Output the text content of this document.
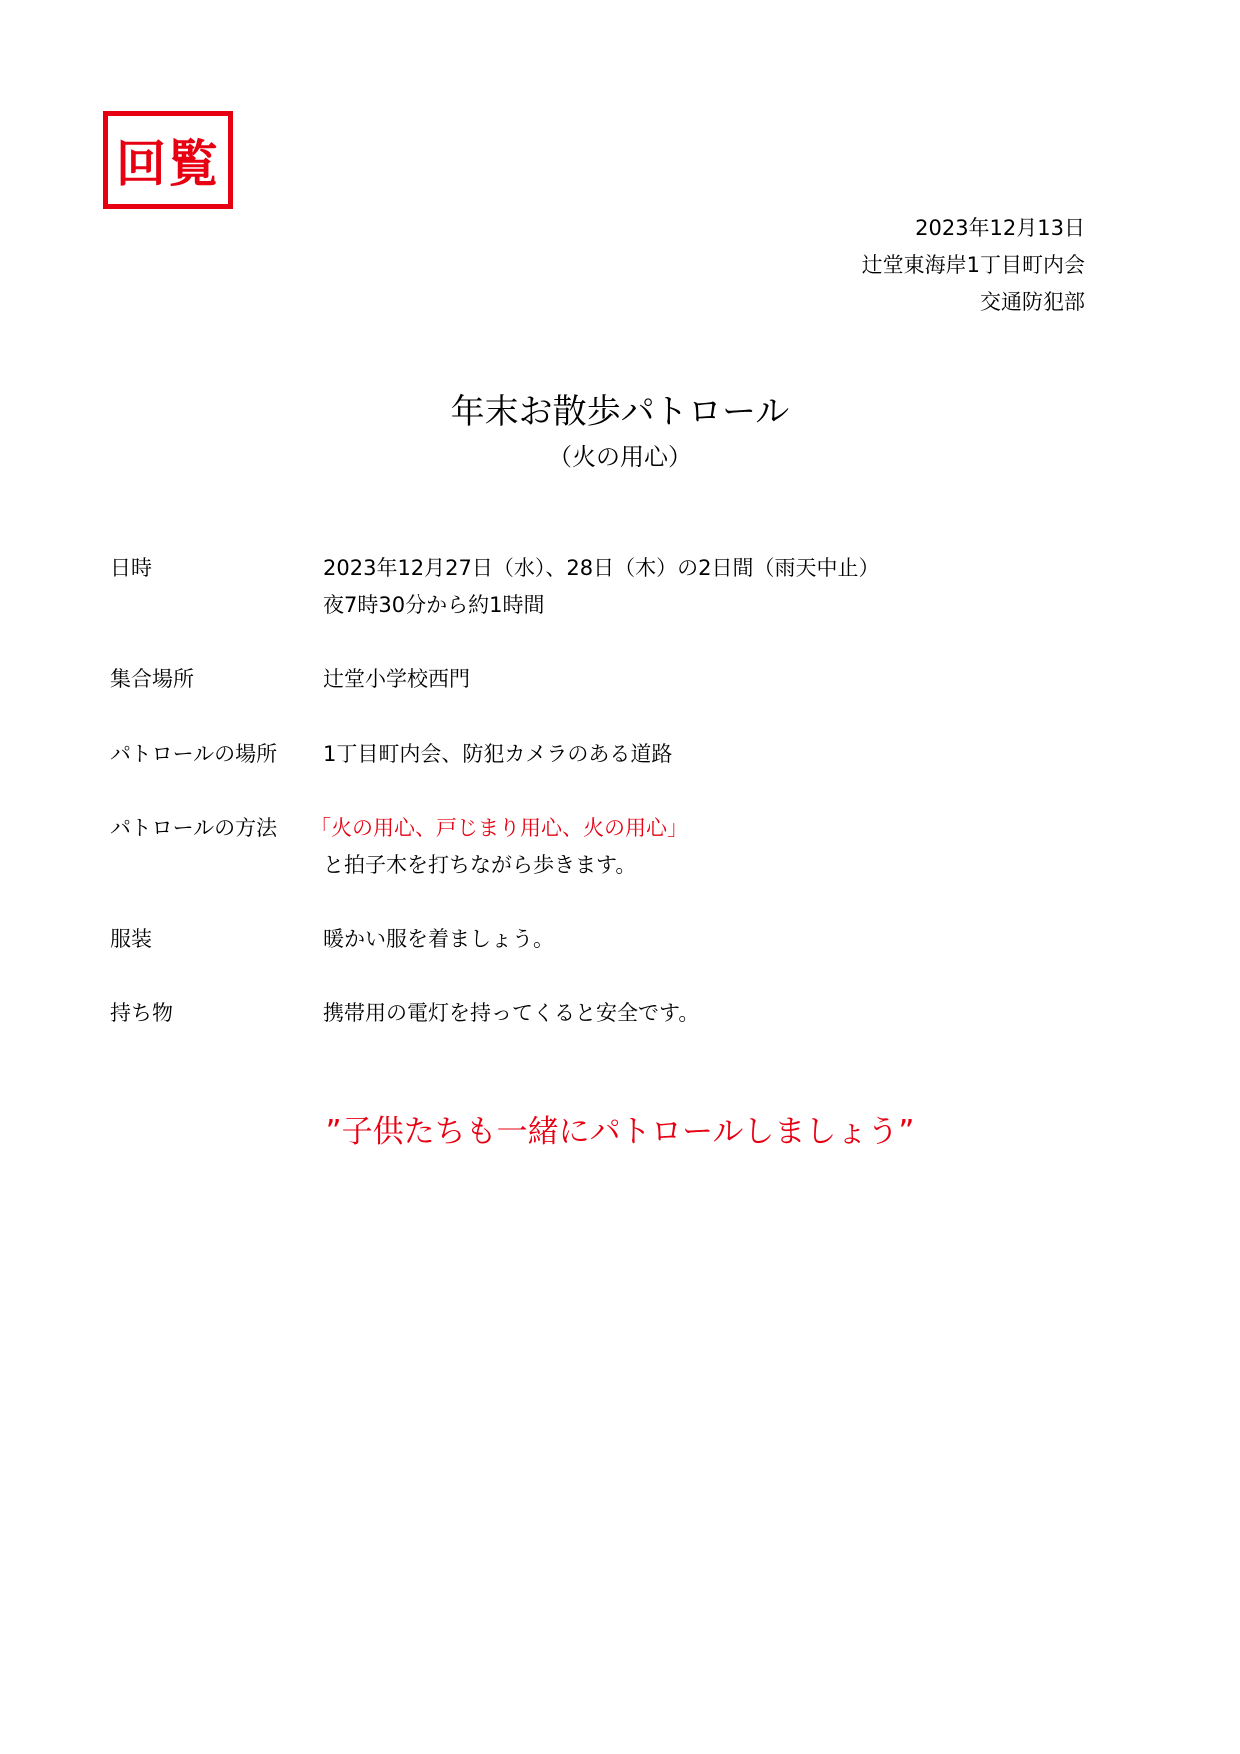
回覧
2023年12月13日
辻堂東海岸1丁目町内会
交通防犯部
年末お散歩パトロール
（火の用心）
日時	2023年12月27日（水）、28日（木）の2日間（雨天中止）
夜7時30分から約1時間
集合場所	辻堂小学校西門
パトロールの場所	1丁目町内会、防犯カメラのある道路
パトロールの方法	「火の用心、戸じまり用心、火の用心」
と拍子木を打ちながら歩きます。
服装	暖かい服を着ましょう。
持ち物	携帯用の電灯を持ってくると安全です。
”子供たちも一緒にパトロールしましょう”
